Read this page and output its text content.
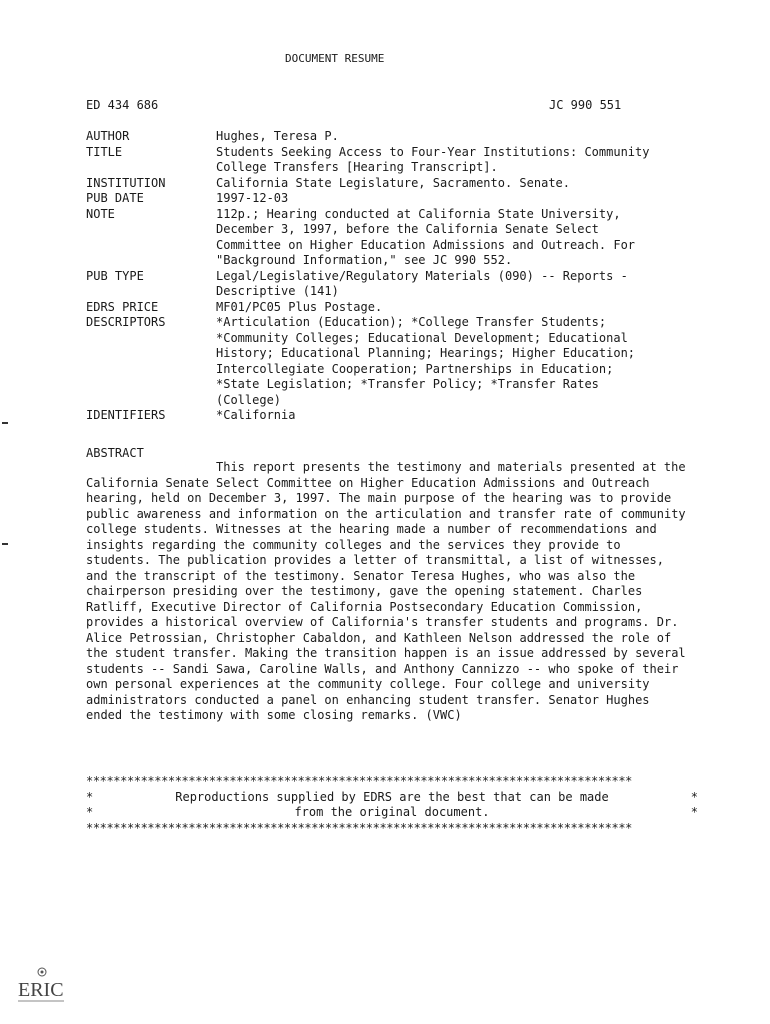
DOCUMENT RESUME
ED 434 686	JC 990 551
AUTHOR	Hughes, Teresa P.
TITLE	Students Seeking Access to Four-Year Institutions: Community
College Transfers [Hearing Transcript].
INSTITUTION	California State Legislature, Sacramento. Senate.
PUB DATE	1997-12-03
NOTE	112p.; Hearing conducted at California State University,
December 3, 1997, before the California Senate Select
Committee on Higher Education Admissions and Outreach. For
"Background Information," see JC 990 552.
PUB TYPE	Legal/Legislative/Regulatory Materials (090) -- Reports -
Descriptive (141)
EDRS PRICE	MF01/PC05 Plus Postage.
DESCRIPTORS	*Articulation (Education); *College Transfer Students;
*Community Colleges; Educational Development; Educational
History; Educational Planning; Hearings; Higher Education;
Intercollegiate Cooperation; Partnerships in Education;
*State Legislation; *Transfer Policy; *Transfer Rates
(College)
IDENTIFIERS	*California
ABSTRACT
This report presents the testimony and materials presented at the California Senate Select Committee on Higher Education Admissions and Outreach hearing, held on December 3, 1997. The main purpose of the hearing was to provide public awareness and information on the articulation and transfer rate of community college students. Witnesses at the hearing made a number of recommendations and insights regarding the community colleges and the services they provide to students. The publication provides a letter of transmittal, a list of witnesses, and the transcript of the testimony. Senator Teresa Hughes, who was also the chairperson presiding over the testimony, gave the opening statement. Charles Ratliff, Executive Director of California Postsecondary Education Commission, provides a historical overview of California's transfer students and programs. Dr. Alice Petrossian, Christopher Cabaldon, and Kathleen Nelson addressed the role of the student transfer. Making the transition happen is an issue addressed by several students -- Sandi Sawa, Caroline Walls, and Anthony Cannizzo -- who spoke of their own personal experiences at the community college. Four college and university administrators conducted a panel on enhancing student transfer. Senator Hughes ended the testimony with some closing remarks. (VWC)
********************************************************************************
*	Reproductions supplied by EDRS are the best that can be made	*
*	from the original document.	*
********************************************************************************
ERIC
